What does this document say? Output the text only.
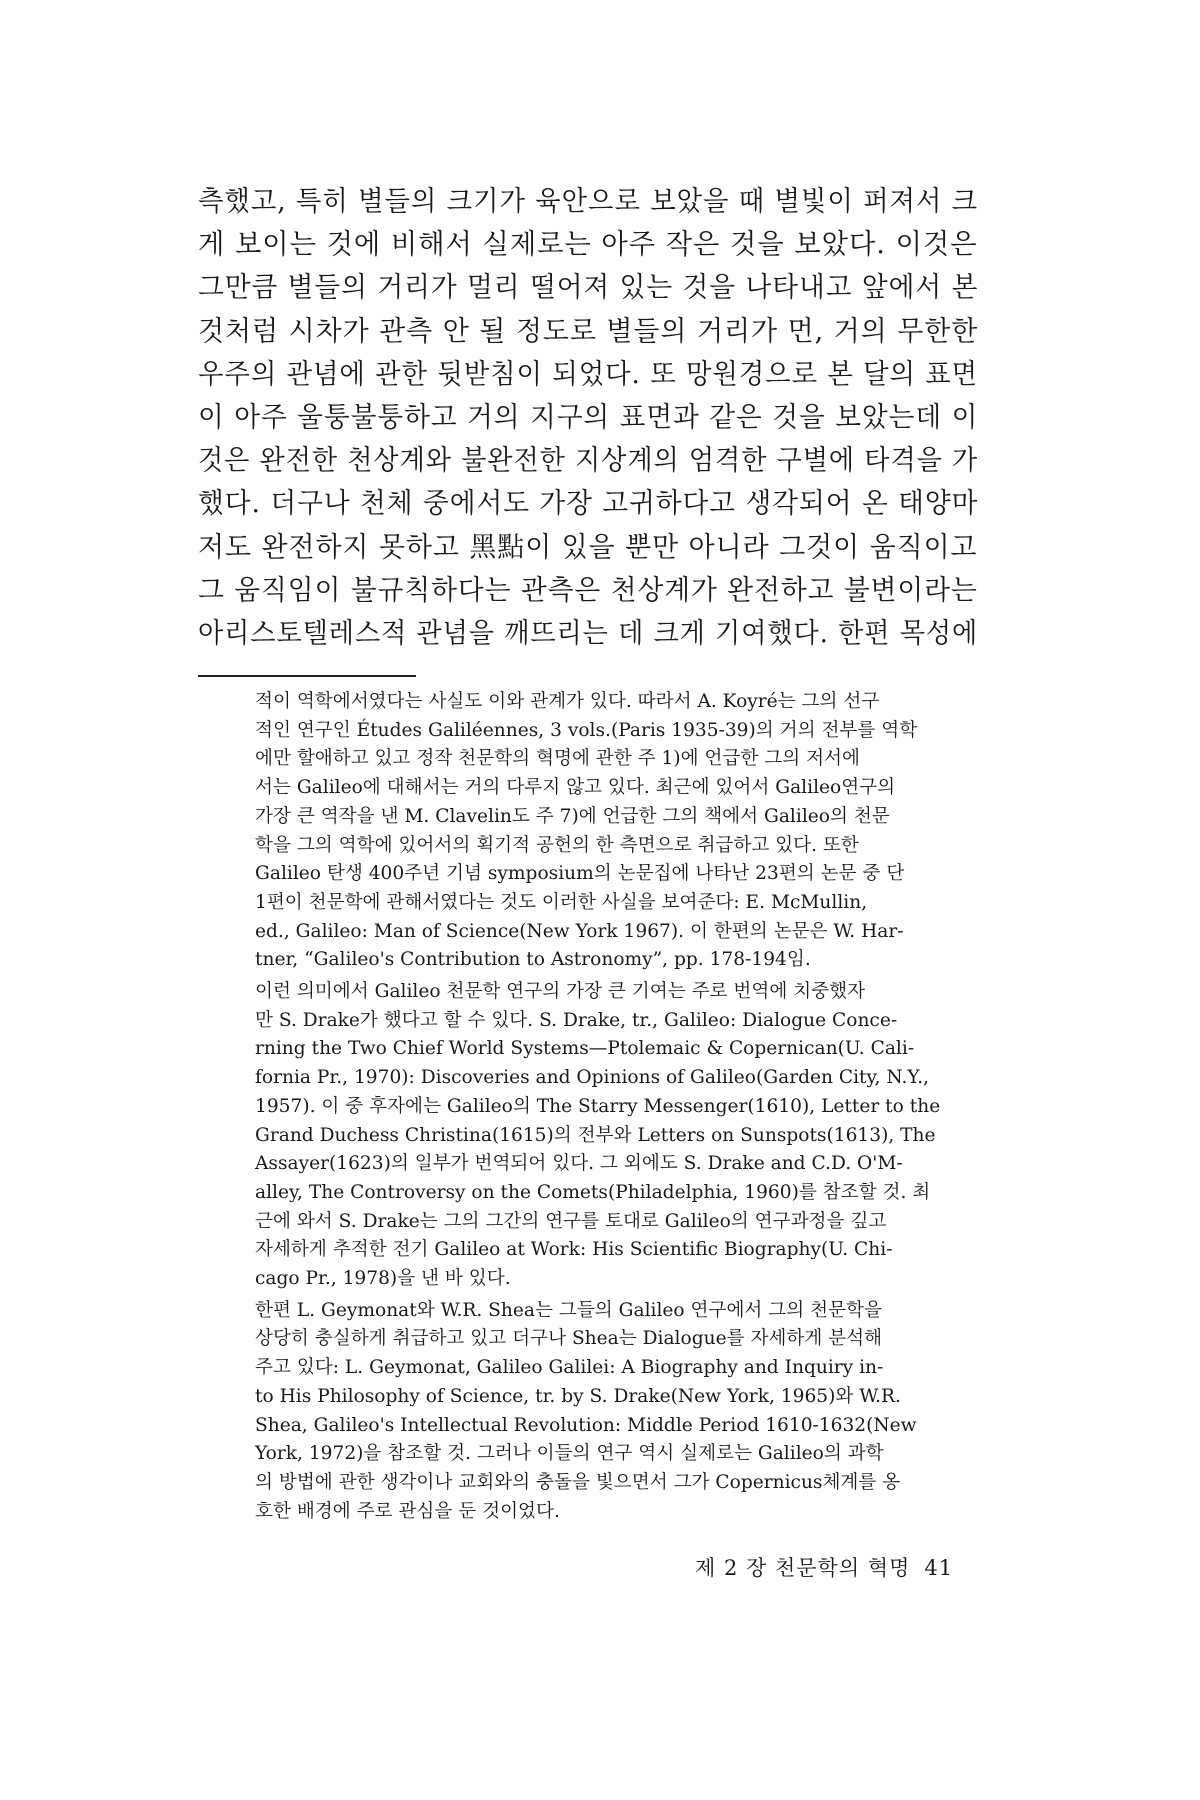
측했고, 특히 별들의 크기가 육안으로 보았을 때 별빛이 퍼져서 크
게 보이는 것에 비해서 실제로는 아주 작은 것을 보았다. 이것은
그만큼 별들의 거리가 멀리 떨어져 있는 것을 나타내고 앞에서 본
것처럼 시차가 관측 안 될 정도로 별들의 거리가 먼, 거의 무한한
우주의 관념에 관한 뒷받침이 되었다. 또 망원경으로 본 달의 표면
이 아주 울퉁불퉁하고 거의 지구의 표면과 같은 것을 보았는데 이
것은 완전한 천상계와 불완전한 지상계의 엄격한 구별에 타격을 가
했다. 더구나 천체 중에서도 가장 고귀하다고 생각되어 온 태양마
저도 완전하지 못하고 黑點이 있을 뿐만 아니라 그것이 움직이고
그 움직임이 불규칙하다는 관측은 천상계가 완전하고 불변이라는
아리스토텔레스적 관념을 깨뜨리는 데 크게 기여했다. 한편 목성에
적이 역학에서였다는 사실도 이와 관계가 있다. 따라서 A. Koyré는 그의 선구
적인 연구인 Études Galiléennes, 3 vols.(Paris 1935-39)의 거의 전부를 역학
에만 할애하고 있고 정작 천문학의 혁명에 관한 주 1)에 언급한 그의 저서에
서는 Galileo에 대해서는 거의 다루지 않고 있다. 최근에 있어서 Galileo연구의
가장 큰 역작을 낸 M. Clavelin도 주 7)에 언급한 그의 책에서 Galileo의 천문
학을 그의 역학에 있어서의 획기적 공헌의 한 측면으로 취급하고 있다. 또한
Galileo 탄생 400주년 기념 symposium의 논문집에 나타난 23편의 논문 중 단
1편이 천문학에 관해서였다는 것도 이러한 사실을 보여준다: E. McMullin,
ed., Galileo: Man of Science(New York 1967). 이 한편의 논문은 W. Har-
tner, “Galileo's Contribution to Astronomy”, pp. 178-194임.
이런 의미에서 Galileo 천문학 연구의 가장 큰 기여는 주로 번역에 치중했자
만 S. Drake가 했다고 할 수 있다. S. Drake, tr., Galileo: Dialogue Conce-
rning the Two Chief World Systems—Ptolemaic & Copernican(U. Cali-
fornia Pr., 1970): Discoveries and Opinions of Galileo(Garden City, N.Y.,
1957). 이 중 후자에는 Galileo의 The Starry Messenger(1610), Letter to the
Grand Duchess Christina(1615)의 전부와 Letters on Sunspots(1613), The
Assayer(1623)의 일부가 번역되어 있다. 그 외에도 S. Drake and C.D. O'M-
alley, The Controversy on the Comets(Philadelphia, 1960)를 참조할 것. 최
근에 와서 S. Drake는 그의 그간의 연구를 토대로 Galileo의 연구과정을 깊고
자세하게 추적한 전기 Galileo at Work: His Scientific Biography(U. Chi-
cago Pr., 1978)을 낸 바 있다.
한편 L. Geymonat와 W.R. Shea는 그들의 Galileo 연구에서 그의 천문학을
상당히 충실하게 취급하고 있고 더구나 Shea는 Dialogue를 자세하게 분석해
주고 있다: L. Geymonat, Galileo Galilei: A Biography and Inquiry in-
to His Philosophy of Science, tr. by S. Drake(New York, 1965)와 W.R.
Shea, Galileo's Intellectual Revolution: Middle Period 1610-1632(New
York, 1972)을 참조할 것. 그러나 이들의 연구 역시 실제로는 Galileo의 과학
의 방법에 관한 생각이나 교회와의 충돌을 빛으면서 그가 Copernicus체계를 옹
호한 배경에 주로 관심을 둔 것이었다.
제 2 장 천문학의 혁명 41
